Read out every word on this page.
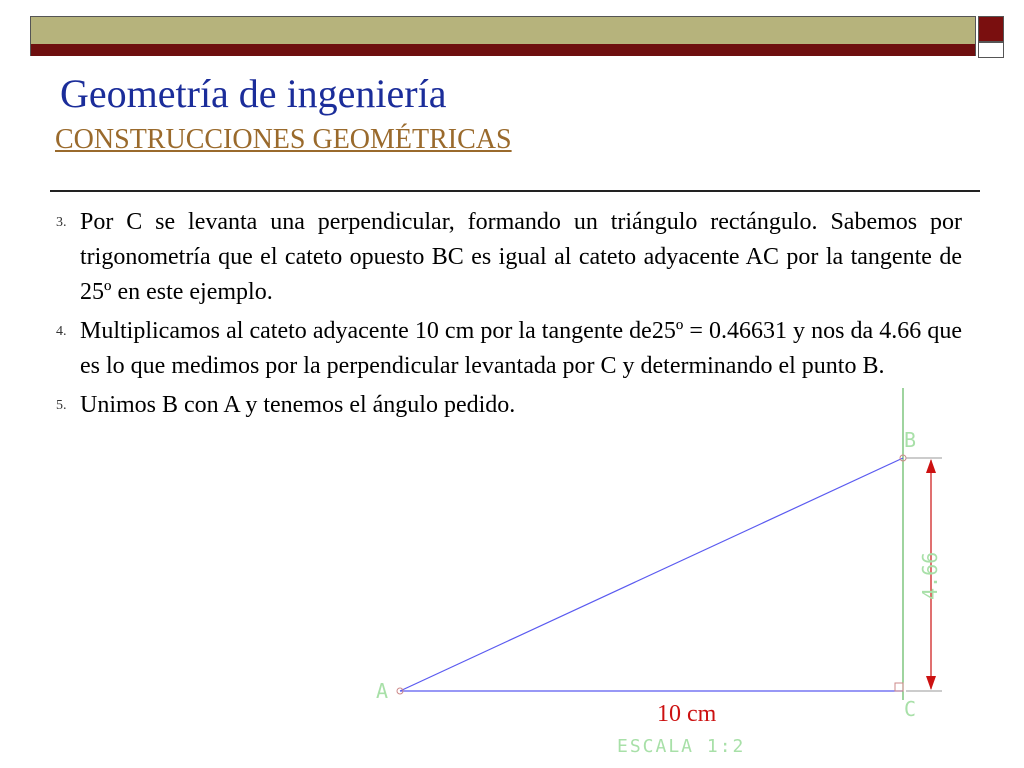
Geometría de ingeniería
CONSTRUCCIONES GEOMÉTRICAS
3. Por C se levanta una perpendicular, formando un triángulo rectángulo. Sabemos por trigonometría que el cateto opuesto BC es igual al cateto adyacente AC por la tangente de 25º en este ejemplo.
4. Multiplicamos al cateto adyacente 10 cm por la tangente de25º = 0.46631 y nos da 4.66 que es lo que medimos por la perpendicular levantada por C y determinando el punto B.
5. Unimos B con A y tenemos el ángulo pedido.
B
A
C
4.66
ESCALA 1:2
10 cm
